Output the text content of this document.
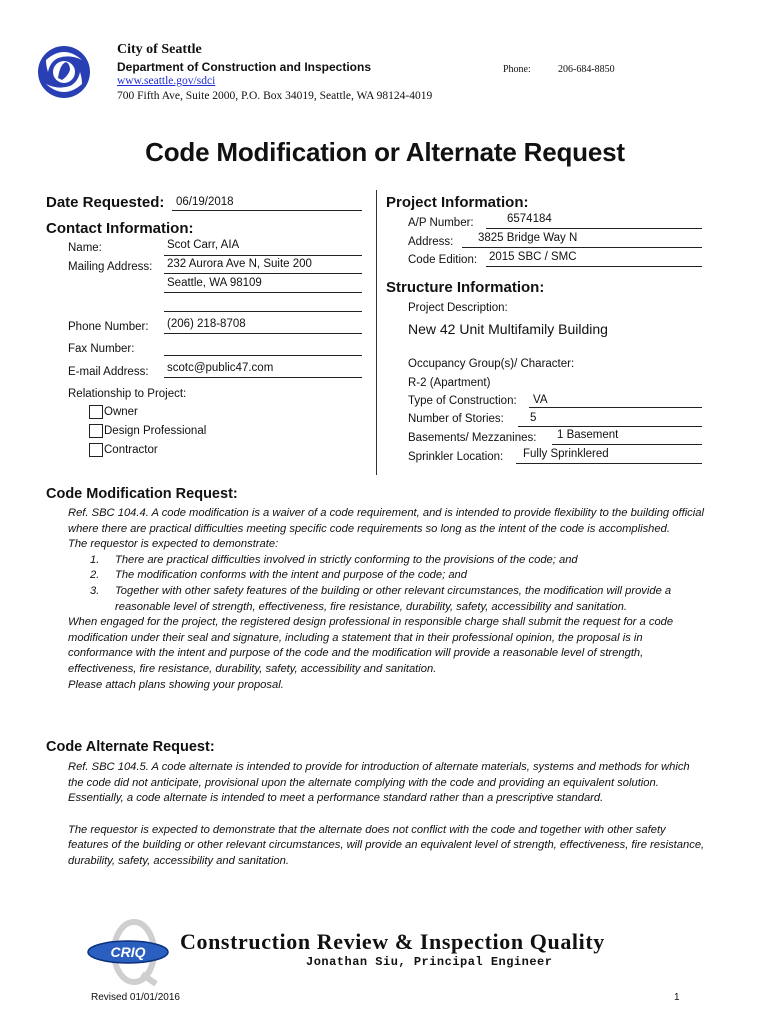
City of Seattle
Department of Construction and Inspections
www.seattle.gov/sdci
700 Fifth Ave, Suite 2000, P.O. Box 34019, Seattle, WA 98124-4019
Phone:	206-684-8850
Code Modification or Alternate Request
Date Requested: 06/19/2018
Contact Information:
Name:	Scot Carr, AIA
Mailing Address: 232 Aurora Ave N, Suite 200
Seattle, WA 98109
Phone Number: (206) 218-8708
Fax Number:
E-mail Address: scotc@public47.com
Relationship to Project:
Owner
Design Professional
Contractor
Project Information:
A/P Number:	6574184
Address: 3825 Bridge Way N
Code Edition: 2015 SBC / SMC
Structure Information:
Project Description:
New 42 Unit Multifamily Building
Occupancy Group(s)/ Character:
R-2 (Apartment)
Type of Construction: VA
Number of Stories: 5
Basements/ Mezzanines: 1 Basement
Sprinkler Location: Fully Sprinklered
Code Modification Request:

Ref. SBC 104.4. A code modification is a waiver of a code requirement, and is intended to provide flexibility to the building official where there are practical difficulties meeting specific code requirements so long as the intent of the code is accomplished.

The requestor is expected to demonstrate:

1. There are practical difficulties involved in strictly conforming to the provisions of the code; and
2. The modification conforms with the intent and purpose of the code; and
3. Together with other safety features of the building or other relevant circumstances, the modification will provide a reasonable level of strength, effectiveness, fire resistance, durability, safety, accessibility and sanitation.

When engaged for the project, the registered design professional in responsible charge shall submit the request for a code modification under their seal and signature, including a statement that in their professional opinion, the proposal is in conformance with the intent and purpose of the code and the modification will provide a reasonable level of strength, effectiveness, fire resistance, durability, safety, accessibility and sanitation.

Please attach plans showing your proposal.

Code Alternate Request:

Ref. SBC 104.5. A code alternate is intended to provide for introduction of alternate materials, systems and methods for which the code did not anticipate, provisional upon the alternate complying with the code and providing an equivalent solution. Essentially, a code alternate is intended to meet a performance standard rather than a prescriptive standard.

The requestor is expected to demonstrate that the alternate does not conflict with the code and together with other safety features of the building or other relevant circumstances, will provide an equivalent level of strength, effectiveness, fire resistance, durability, safety, accessibility and sanitation.

CRIQ Construction Review & Inspection Quality
Jonathan Siu, Principal Engineer
Revised 01/01/2016	1
